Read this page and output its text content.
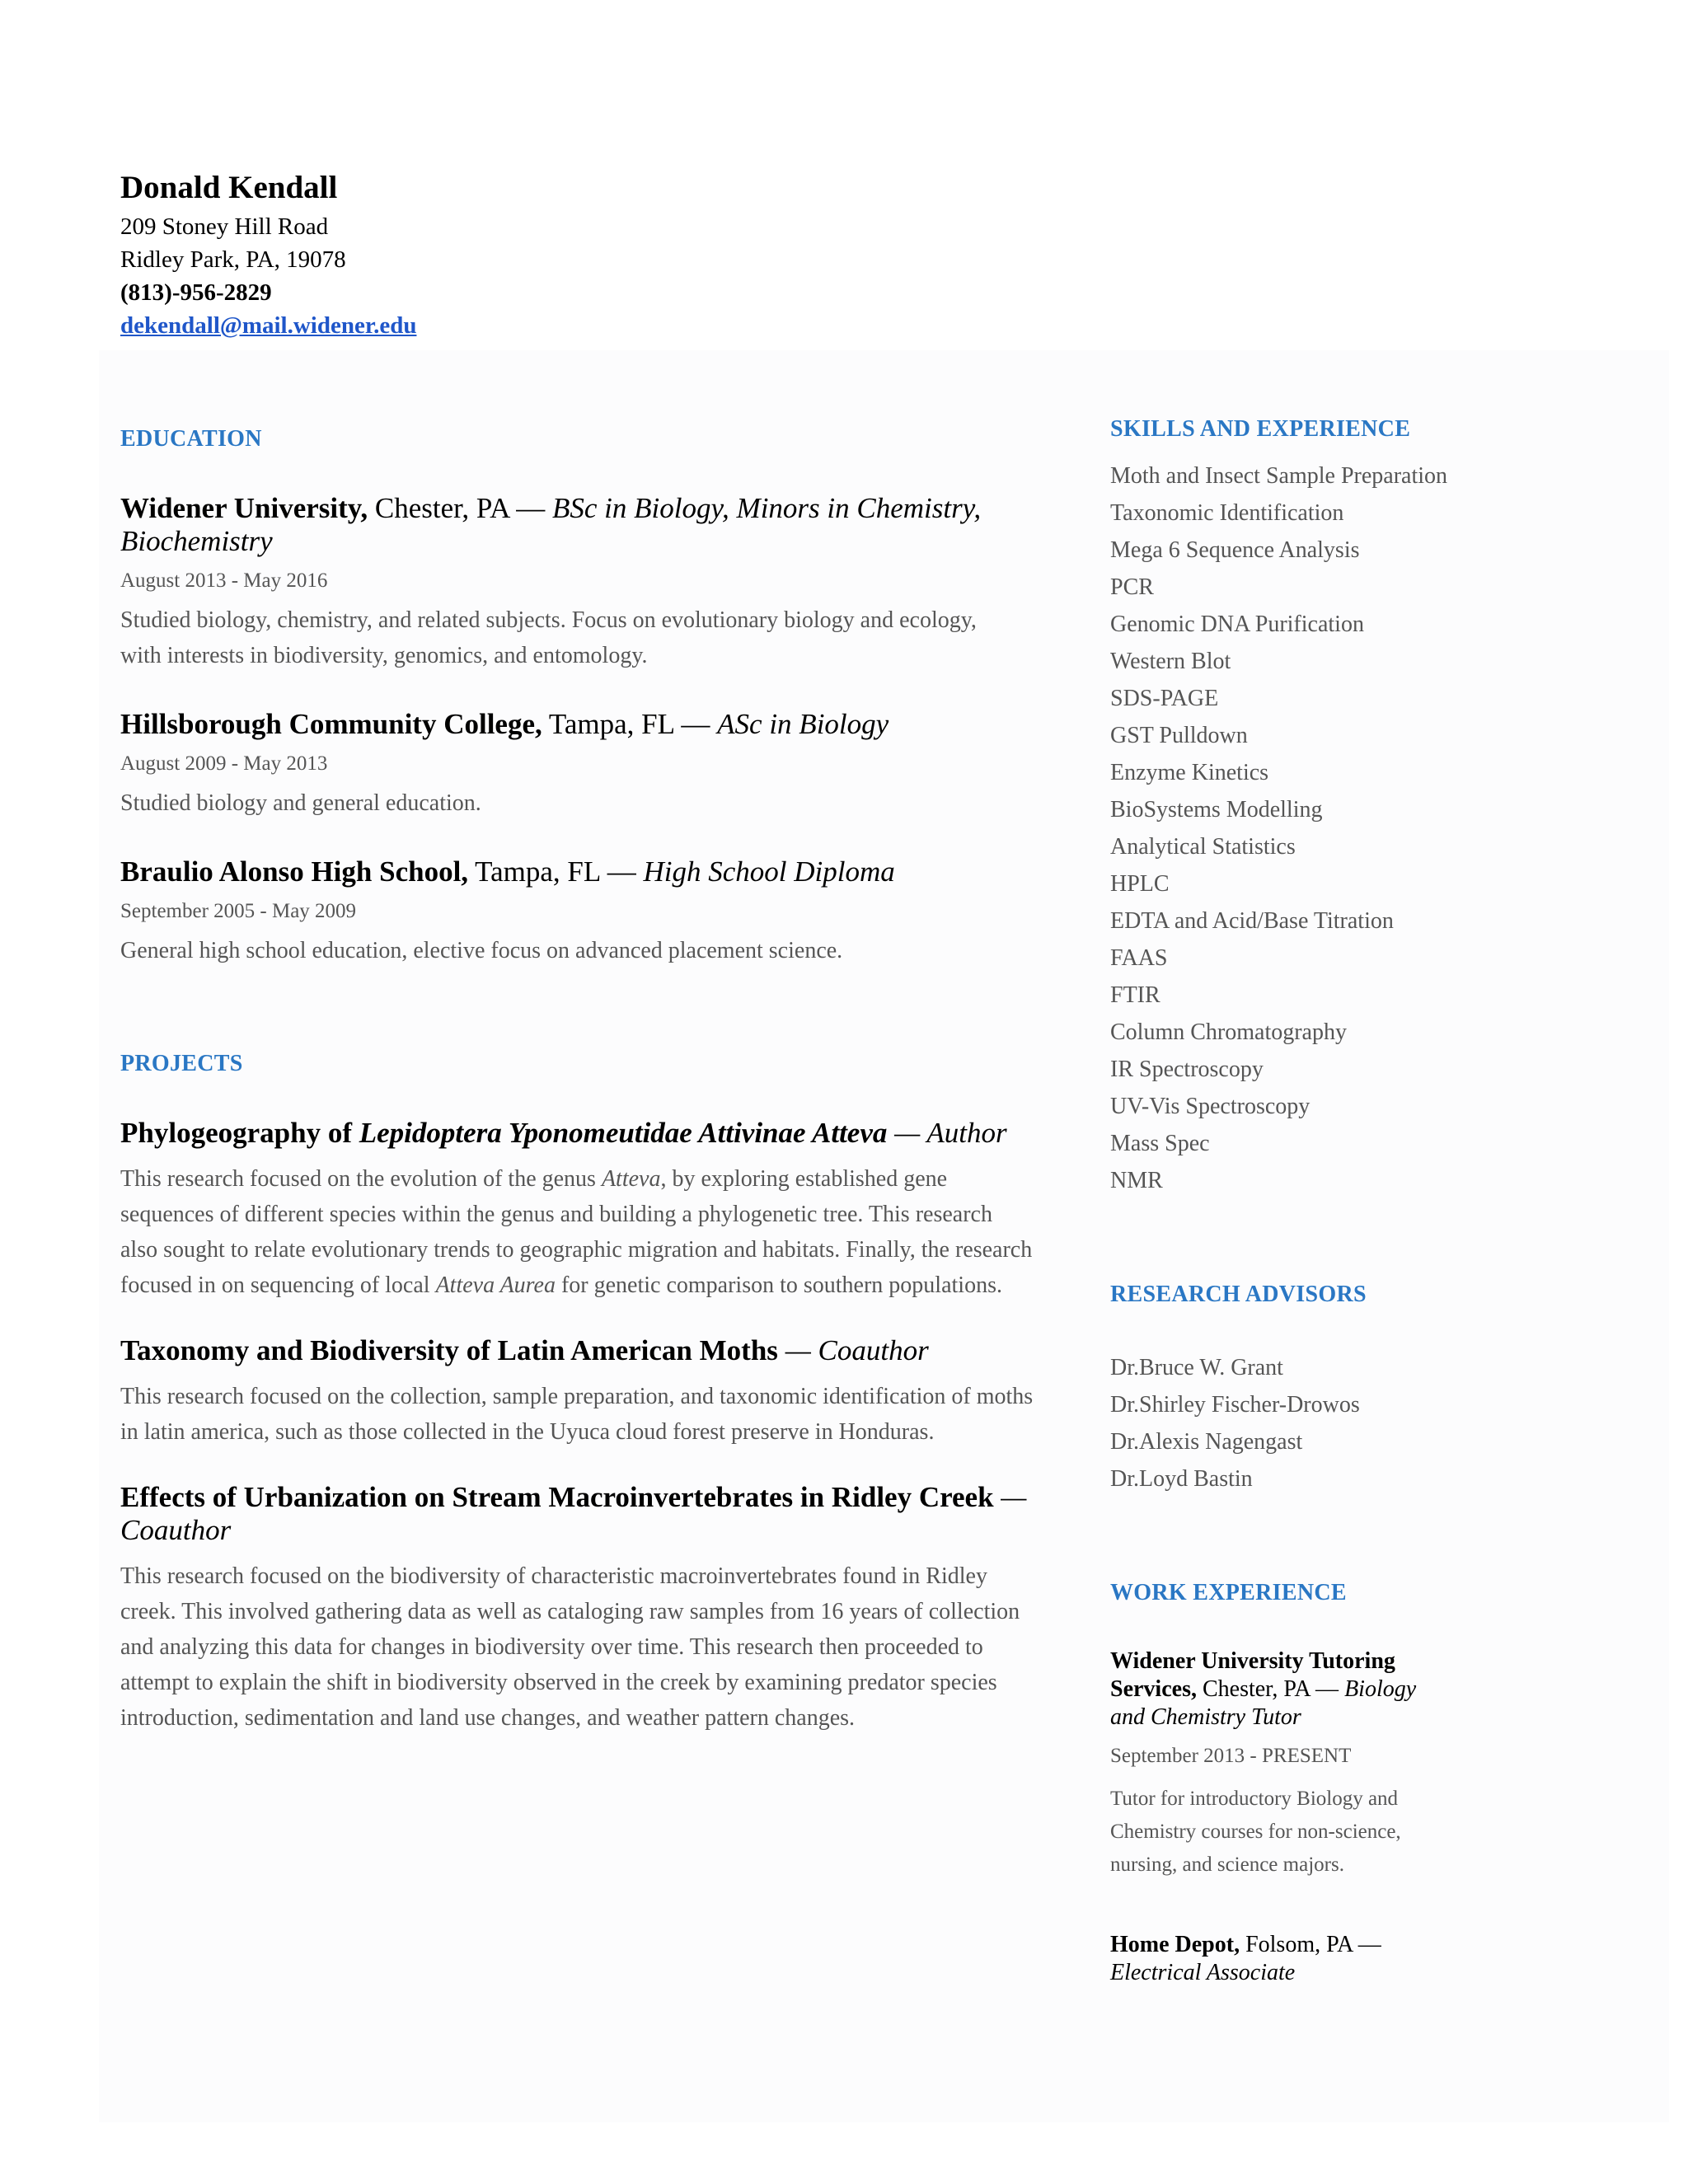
Donald Kendall
209 Stoney Hill Road
Ridley Park, PA, 19078
(813)-956-2829
dekendall@mail.widener.edu
EDUCATION

Widener University, Chester, PA — BSc in Biology, Minors in Chemistry, Biochemistry

August 2013 - May 2016

Studied biology, chemistry, and related subjects. Focus on evolutionary biology and ecology, with interests in biodiversity, genomics, and entomology.

Hillsborough Community College, Tampa, FL — ASc in Biology

August 2009 - May 2013

Studied biology and general education.

Braulio Alonso High School, Tampa, FL — High School Diploma

September 2005 - May 2009

General high school education, elective focus on advanced placement science.

PROJECTS

Phylogeography of Lepidoptera Yponomeutidae Attivinae Atteva — Author

This research focused on the evolution of the genus Atteva, by exploring established gene sequences of different species within the genus and building a phylogenetic tree. This research also sought to relate evolutionary trends to geographic migration and habitats. Finally, the research focused in on sequencing of local Atteva Aurea for genetic comparison to southern populations.

Taxonomy and Biodiversity of Latin American Moths — Coauthor

This research focused on the collection, sample preparation, and taxonomic identification of moths in latin america, such as those collected in the Uyuca cloud forest preserve in Honduras.

Effects of Urbanization on Stream Macroinvertebrates in Ridley Creek — Coauthor

This research focused on the biodiversity of characteristic macroinvertebrates found in Ridley creek. This involved gathering data as well as cataloging raw samples from 16 years of collection and analyzing this data for changes in biodiversity over time. This research then proceeded to attempt to explain the shift in biodiversity observed in the creek by examining predator species introduction, sedimentation and land use changes, and weather pattern changes.

SKILLS AND EXPERIENCE
Moth and Insect Sample Preparation
Taxonomic Identification
Mega 6 Sequence Analysis
PCR
Genomic DNA Purification
Western Blot
SDS-PAGE
GST Pulldown
Enzyme Kinetics
BioSystems Modelling
Analytical Statistics
HPLC
EDTA and Acid/Base Titration
FAAS
FTIR
Column Chromatography
IR Spectroscopy
UV-Vis Spectroscopy
Mass Spec
NMR
RESEARCH ADVISORS
Dr.Bruce W. Grant
Dr.Shirley Fischer-Drowos
Dr.Alexis Nagengast
Dr.Loyd Bastin
WORK EXPERIENCE

Widener University Tutoring Services, Chester, PA — Biology and Chemistry Tutor

September 2013 - PRESENT

Tutor for introductory Biology and Chemistry courses for non-science, nursing, and science majors.

Home Depot, Folsom, PA — Electrical Associate
